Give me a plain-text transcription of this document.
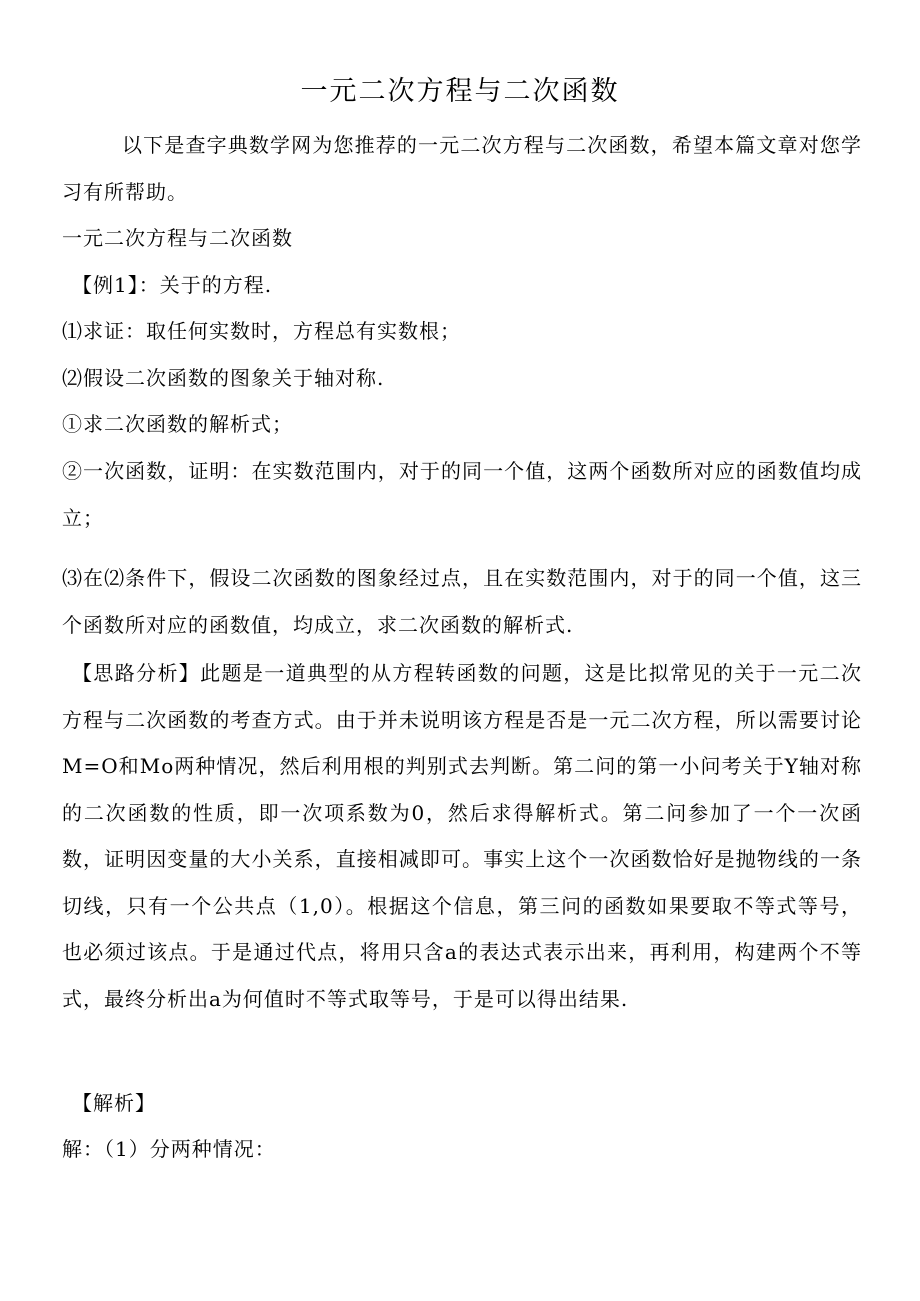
一元二次方程与二次函数
以下是查字典数学网为您推荐的一元二次方程与二次函数，希望本篇文章对您学习有所帮助。
一元二次方程与二次函数
【例1】：关于的方程.
⑴求证：取任何实数时，方程总有实数根；
⑵假设二次函数的图象关于轴对称.
①求二次函数的解析式；
②一次函数，证明：在实数范围内，对于的同一个值，这两个函数所对应的函数值均成立；
⑶在⑵条件下，假设二次函数的图象经过点，且在实数范围内，对于的同一个值，这三个函数所对应的函数值，均成立，求二次函数的解析式.
【思路分析】此题是一道典型的从方程转函数的问题，这是比拟常见的关于一元二次方程与二次函数的考查方式。由于并未说明该方程是否是一元二次方程，所以需要讨论M=O和Mo两种情况，然后利用根的判别式去判断。第二问的第一小问考关于Y轴对称的二次函数的性质，即一次项系数为0，然后求得解析式。第二问参加了一个一次函数，证明因变量的大小关系，直接相减即可。事实上这个一次函数恰好是抛物线的一条切线，只有一个公共点（1,0）。根据这个信息，第三问的函数如果要取不等式等号，也必须过该点。于是通过代点，将用只含a的表达式表示出来，再利用，构建两个不等式，最终分析出a为何值时不等式取等号，于是可以得出结果.
【解析】
解：（1）分两种情况：
